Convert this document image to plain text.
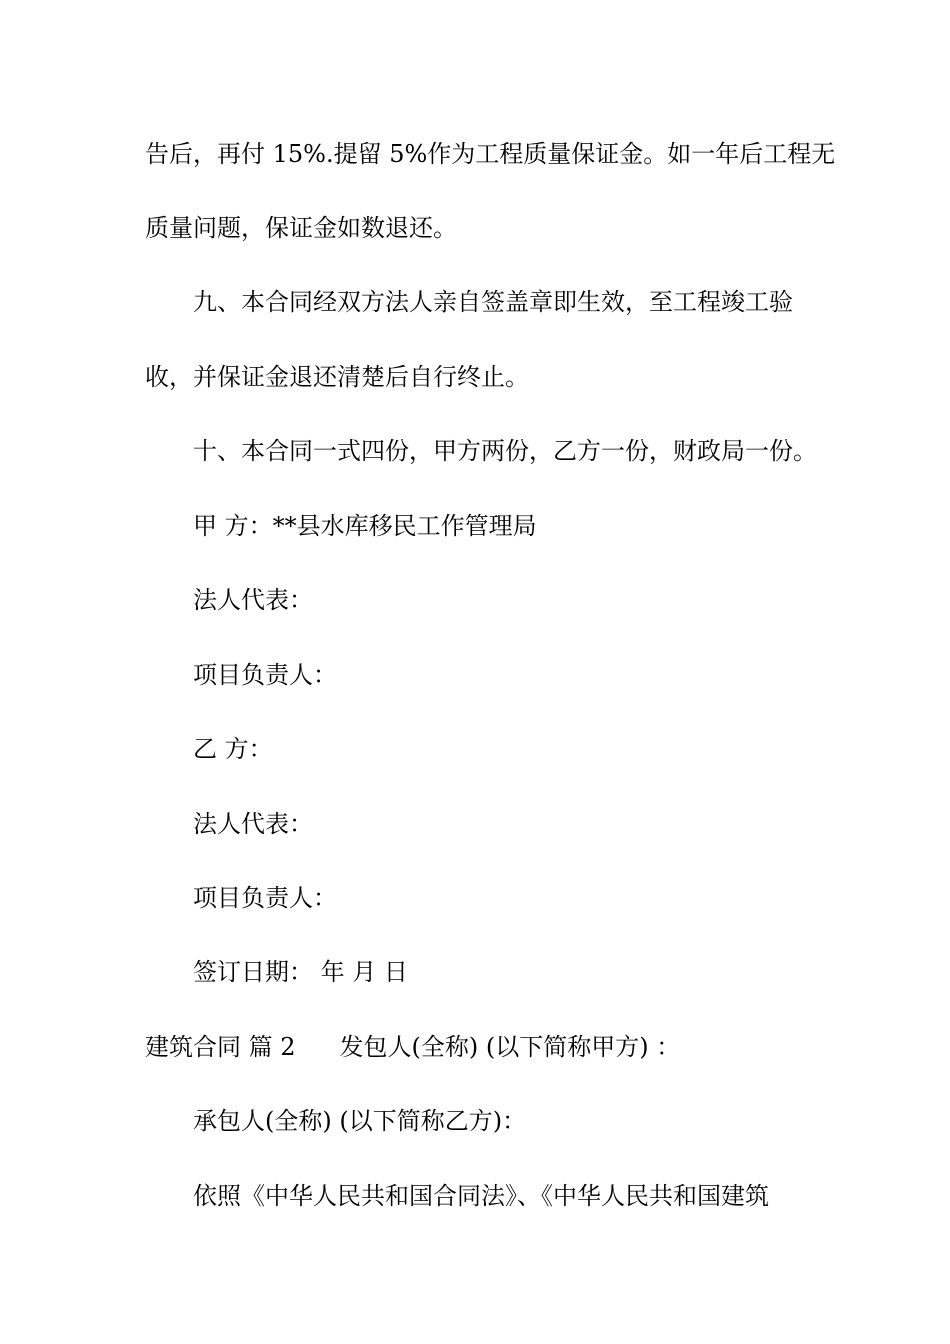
告后，再付 15%.提留 5%作为工程质量保证金。如一年后工程无
质量问题，保证金如数退还。
九、本合同经双方法人亲自签盖章即生效，至工程竣工验
收，并保证金退还清楚后自行终止。
十、本合同一式四份，甲方两份，乙方一份，财政局一份。
甲 方：**县水库移民工作管理局
法人代表：
项目负责人：
乙 方：
法人代表：
项目负责人：
签订日期： 年 月 日
建筑合同 篇 2 发包人(全称) (以下简称甲方) ：
承包人(全称) (以下简称乙方)：
依照《中华人民共和国合同法》、《中华人民共和国建筑
